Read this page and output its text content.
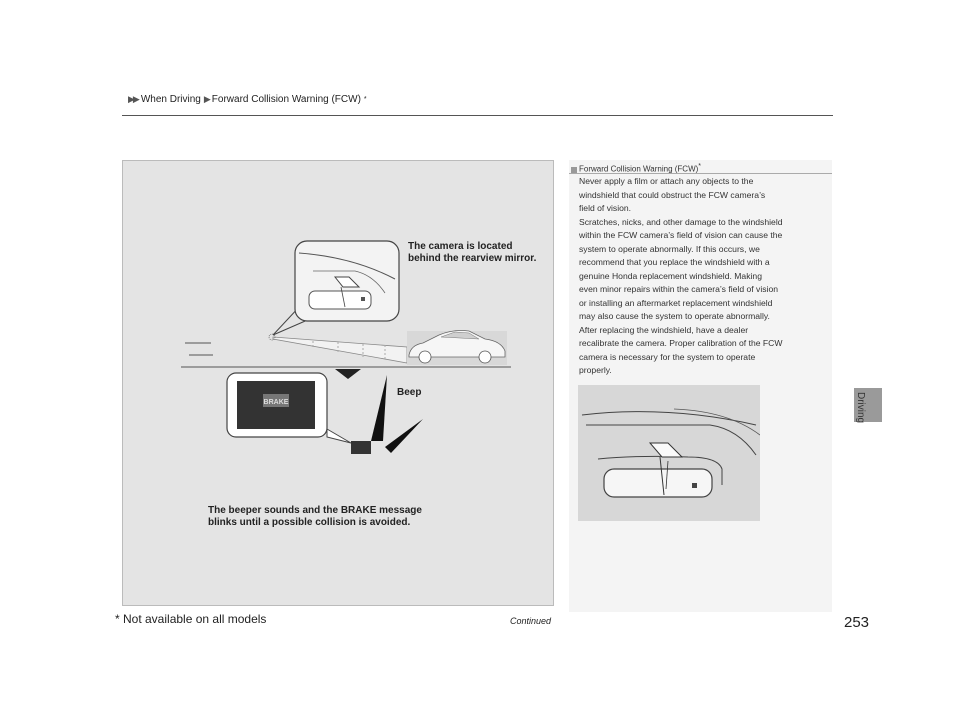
▶▶ When Driving ▶ Forward Collision Warning (FCW) *
BRAKE
The camera is located
behind the rearview mirror.
Beep
The beeper sounds and the BRAKE message
blinks until a possible collision is avoided.
Forward Collision Warning (FCW)*
Never apply a film or attach any objects to the
windshield that could obstruct the FCW camera’s
field of vision.
Scratches, nicks, and other damage to the windshield
within the FCW camera’s field of vision can cause the
system to operate abnormally. If this occurs, we
recommend that you replace the windshield with a
genuine Honda replacement windshield. Making
even minor repairs within the camera’s field of vision
or installing an aftermarket replacement windshield
may also cause the system to operate abnormally.
After replacing the windshield, have a dealer
recalibrate the camera. Proper calibration of the FCW
camera is necessary for the system to operate
properly.
Driving
* Not available on all models	Continued	253
